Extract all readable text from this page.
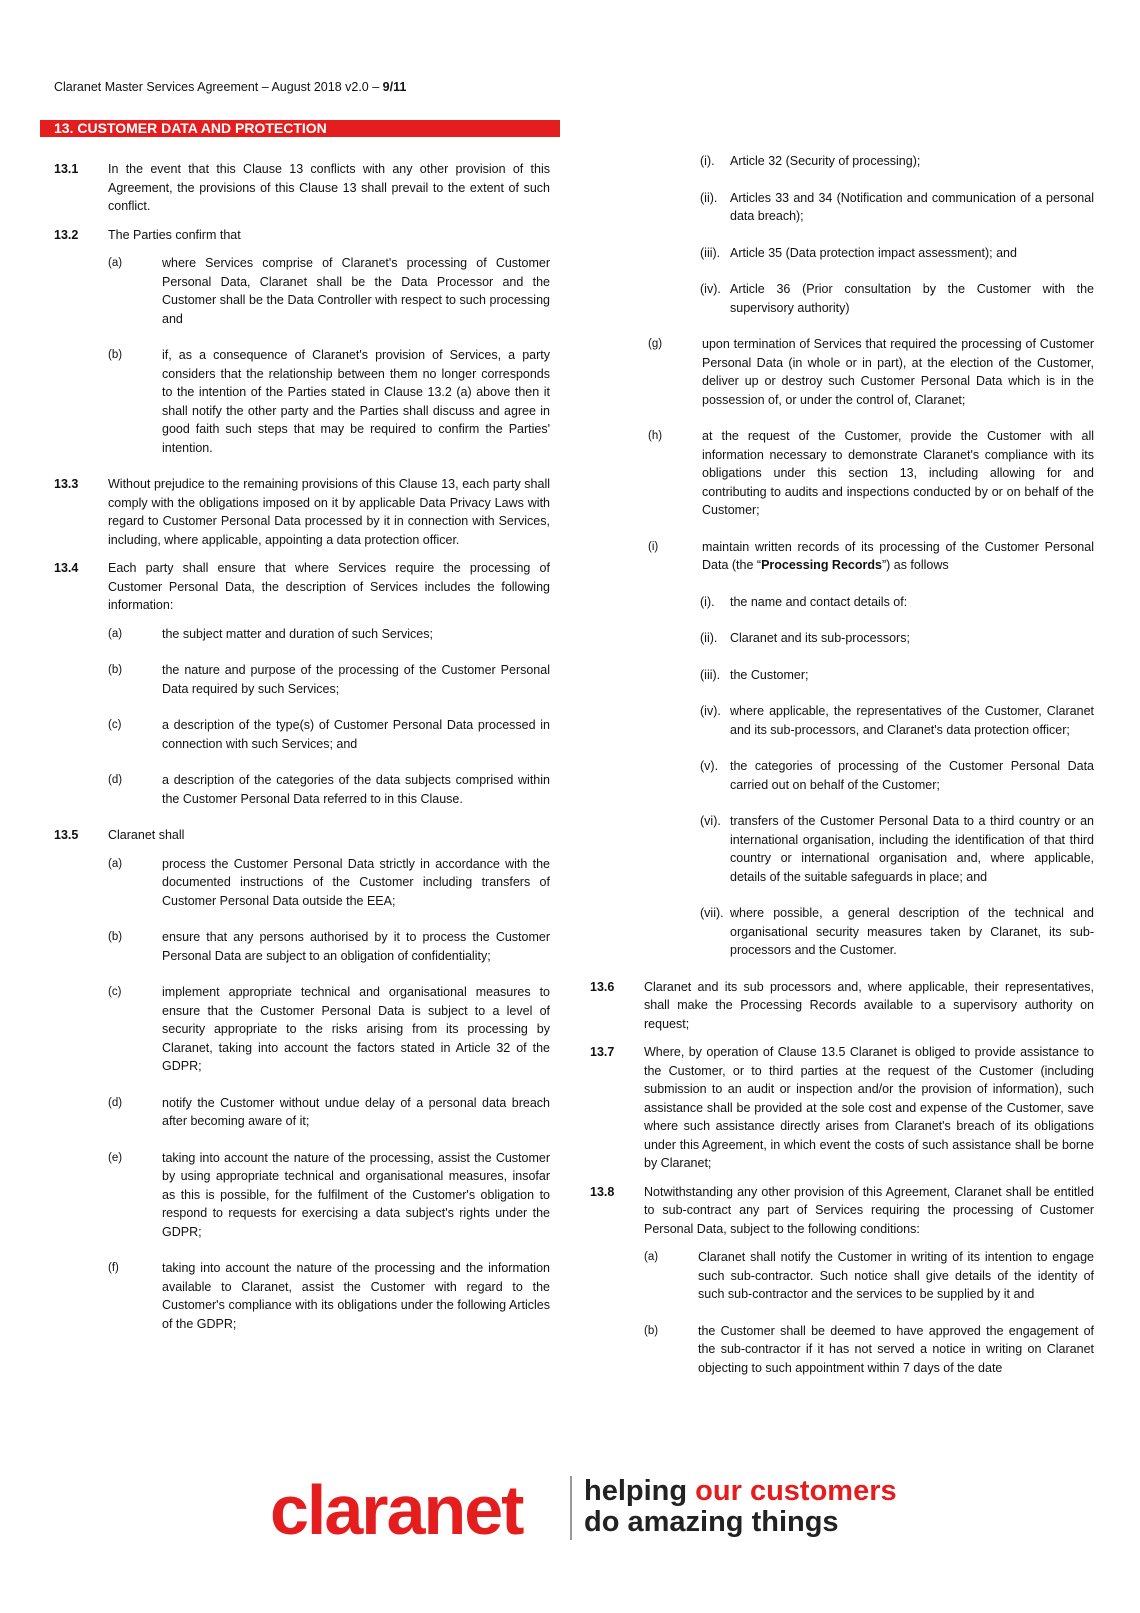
Claranet Master Services Agreement – August 2018 v2.0 – 9/11
13. CUSTOMER DATA AND PROTECTION
13.1	In the event that this Clause 13 conflicts with any other provision of this Agreement, the provisions of this Clause 13 shall prevail to the extent of such conflict.
13.2	The Parties confirm that
(a)	where Services comprise of Claranet's processing of Customer Personal Data, Claranet shall be the Data Processor and the Customer shall be the Data Controller with respect to such processing and
(b)	if, as a consequence of Claranet's provision of Services, a party considers that the relationship between them no longer corresponds to the intention of the Parties stated in Clause 13.2 (a) above then it shall notify the other party and the Parties shall discuss and agree in good faith such steps that may be required to confirm the Parties' intention.
13.3	Without prejudice to the remaining provisions of this Clause 13, each party shall comply with the obligations imposed on it by applicable Data Privacy Laws with regard to Customer Personal Data processed by it in connection with Services, including, where applicable, appointing a data protection officer.
13.4	Each party shall ensure that where Services require the processing of Customer Personal Data, the description of Services includes the following information:
(a)	the subject matter and duration of such Services;
(b)	the nature and purpose of the processing of the Customer Personal Data required by such Services;
(c)	a description of the type(s) of Customer Personal Data processed in connection with such Services; and
(d)	a description of the categories of the data subjects comprised within the Customer Personal Data referred to in this Clause.
13.5	Claranet shall
(a)	process the Customer Personal Data strictly in accordance with the documented instructions of the Customer including transfers of Customer Personal Data outside the EEA;
(b)	ensure that any persons authorised by it to process the Customer Personal Data are subject to an obligation of confidentiality;
(c)	implement appropriate technical and organisational measures to ensure that the Customer Personal Data is subject to a level of security appropriate to the risks arising from its processing by Claranet, taking into account the factors stated in Article 32 of the GDPR;
(d)	notify the Customer without undue delay of a personal data breach after becoming aware of it;
(e)	taking into account the nature of the processing, assist the Customer by using appropriate technical and organisational measures, insofar as this is possible, for the fulfilment of the Customer's obligation to respond to requests for exercising a data subject's rights under the GDPR;
(f)	taking into account the nature of the processing and the information available to Claranet, assist the Customer with regard to the Customer's compliance with its obligations under the following Articles of the GDPR;
(i).	Article 32 (Security of processing);
(ii).	Articles 33 and 34 (Notification and communication of a personal data breach);
(iii). Article 35 (Data protection impact assessment); and
(iv). Article 36 (Prior consultation by the Customer with the supervisory authority)
(g)	upon termination of Services that required the processing of Customer Personal Data (in whole or in part), at the election of the Customer, deliver up or destroy such Customer Personal Data which is in the possession of, or under the control of, Claranet;
(h)	at the request of the Customer, provide the Customer with all information necessary to demonstrate Claranet's compliance with its obligations under this section 13, including allowing for and contributing to audits and inspections conducted by or on behalf of the Customer;
(i)	maintain written records of its processing of the Customer Personal Data (the “Processing Records”) as follows
(i).	the name and contact details of:
(ii).	Claranet and its sub-processors;
(iii). the Customer;
(iv). where applicable, the representatives of the Customer, Claranet and its sub-processors, and Claranet's data protection officer;
(v). the categories of processing of the Customer Personal Data carried out on behalf of the Customer;
(vi). transfers of the Customer Personal Data to a third country or an international organisation, including the identification of that third country or international organisation and, where applicable, details of the suitable safeguards in place; and
(vii). where possible, a general description of the technical and organisational security measures taken by Claranet, its sub-processors and the Customer.
13.6	Claranet and its sub processors and, where applicable, their representatives, shall make the Processing Records available to a supervisory authority on request;
13.7	Where, by operation of Clause 13.5 Claranet is obliged to provide assistance to the Customer, or to third parties at the request of the Customer (including submission to an audit or inspection and/or the provision of information), such assistance shall be provided at the sole cost and expense of the Customer, save where such assistance directly arises from Claranet's breach of its obligations under this Agreement, in which event the costs of such assistance shall be borne by Claranet;
13.8	Notwithstanding any other provision of this Agreement, Claranet shall be entitled to sub-contract any part of Services requiring the processing of Customer Personal Data, subject to the following conditions:
(a)	Claranet shall notify the Customer in writing of its intention to engage such sub-contractor. Such notice shall give details of the identity of such sub-contractor and the services to be supplied by it and
(b)	the Customer shall be deemed to have approved the engagement of the sub-contractor if it has not served a notice in writing on Claranet objecting to such appointment within 7 days of the date
claranet helping our customers
do amazing things
